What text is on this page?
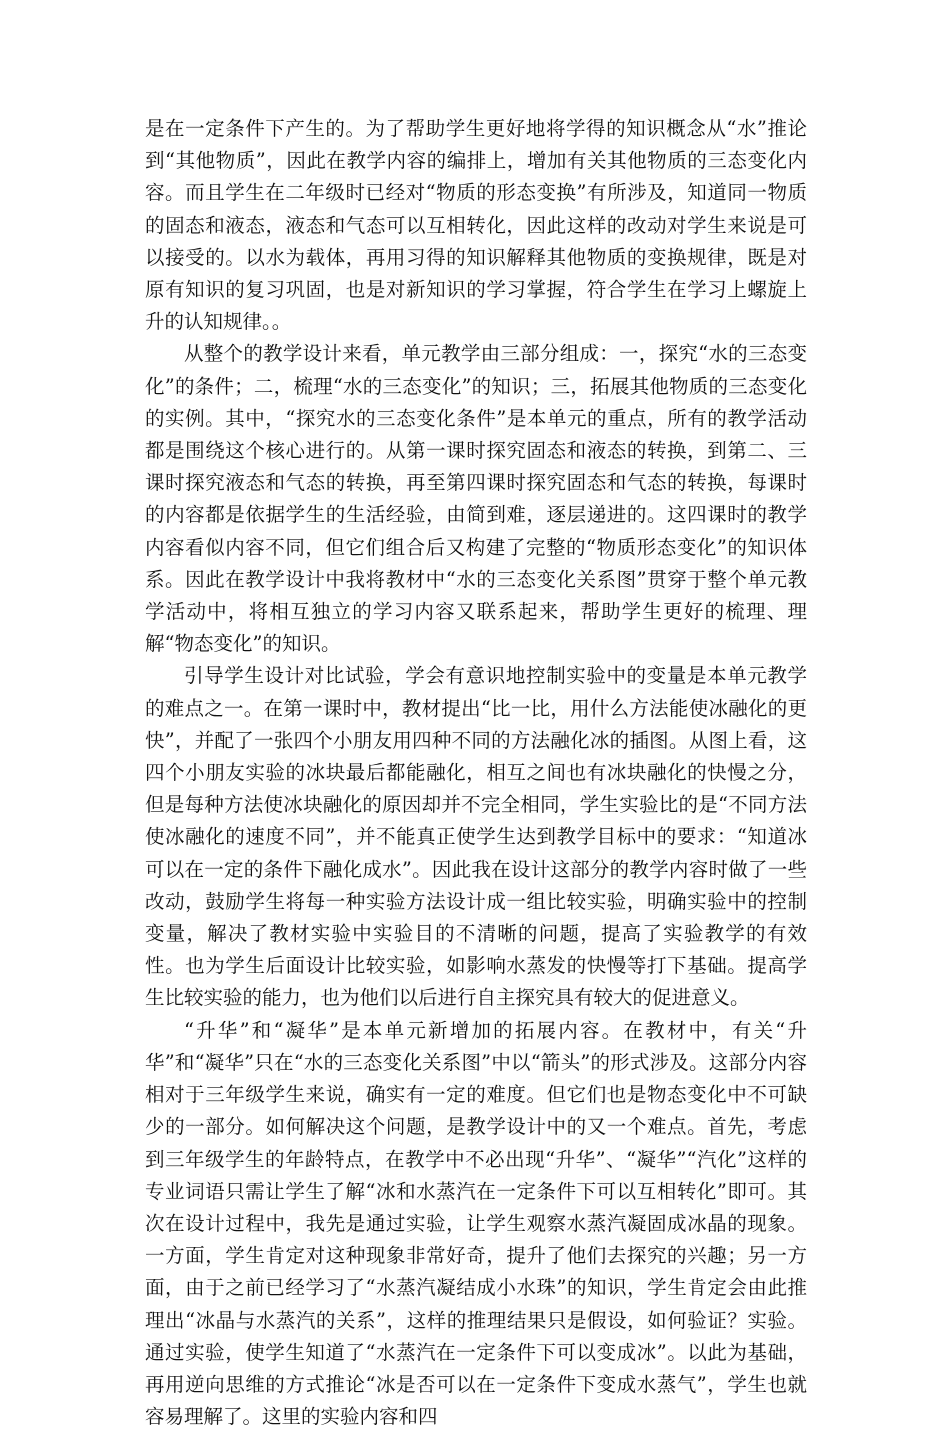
是在一定条件下产生的。为了帮助学生更好地将学得的知识概念从“水”推论到“其他物质”，因此在教学内容的编排上，增加有关其他物质的三态变化内容。而且学生在二年级时已经对“物质的形态变换”有所涉及，知道同一物质的固态和液态，液态和气态可以互相转化，因此这样的改动对学生来说是可以接受的。以水为载体，再用习得的知识解释其他物质的变换规律，既是对原有知识的复习巩固，也是对新知识的学习掌握，符合学生在学习上螺旋上升的认知规律。。

从整个的教学设计来看，单元教学由三部分组成：一，探究“水的三态变化”的条件；二，梳理“水的三态变化”的知识；三，拓展其他物质的三态变化的实例。其中，“探究水的三态变化条件”是本单元的重点，所有的教学活动都是围绕这个核心进行的。从第一课时探究固态和液态的转换，到第二、三课时探究液态和气态的转换，再至第四课时探究固态和气态的转换，每课时的内容都是依据学生的生活经验，由简到难，逐层递进的。这四课时的教学内容看似内容不同，但它们组合后又构建了完整的“物质形态变化”的知识体系。因此在教学设计中我将教材中“水的三态变化关系图”贯穿于整个单元教学活动中，将相互独立的学习内容又联系起来，帮助学生更好的梳理、理解“物态变化”的知识。

引导学生设计对比试验，学会有意识地控制实验中的变量是本单元教学的难点之一。在第一课时中，教材提出“比一比，用什么方法能使冰融化的更快”，并配了一张四个小朋友用四种不同的方法融化冰的插图。从图上看，这四个小朋友实验的冰块最后都能融化，相互之间也有冰块融化的快慢之分，但是每种方法使冰块融化的原因却并不完全相同，学生实验比的是“不同方法使冰融化的速度不同”，并不能真正使学生达到教学目标中的要求：“知道冰可以在一定的条件下融化成水”。因此我在设计这部分的教学内容时做了一些改动，鼓励学生将每一种实验方法设计成一组比较实验，明确实验中的控制变量，解决了教材实验中实验目的不清晰的问题，提高了实验教学的有效性。也为学生后面设计比较实验，如影响水蒸发的快慢等打下基础。提高学生比较实验的能力，也为他们以后进行自主探究具有较大的促进意义。

“升华”和“凝华”是本单元新增加的拓展内容。在教材中，有关“升华”和“凝华”只在“水的三态变化关系图”中以“箭头”的形式涉及。这部分内容相对于三年级学生来说，确实有一定的难度。但它们也是物态变化中不可缺少的一部分。如何解决这个问题，是教学设计中的又一个难点。首先，考虑到三年级学生的年龄特点，在教学中不必出现“升华”、“凝华”“汽化”这样的专业词语只需让学生了解“冰和水蒸汽在一定条件下可以互相转化”即可。其次在设计过程中，我先是通过实验，让学生观察水蒸汽凝固成冰晶的现象。一方面，学生肯定对这种现象非常好奇，提升了他们去探究的兴趣；另一方面，由于之前已经学习了“水蒸汽凝结成小水珠”的知识，学生肯定会由此推理出“冰晶与水蒸汽的关系”，这样的推理结果只是假设，如何验证？实验。通过实验，使学生知道了“水蒸汽在一定条件下可以变成冰”。以此为基础，再用逆向思维的方式推论“冰是否可以在一定条件下变成水蒸气”，学生也就容易理解了。这里的实验内容和四
